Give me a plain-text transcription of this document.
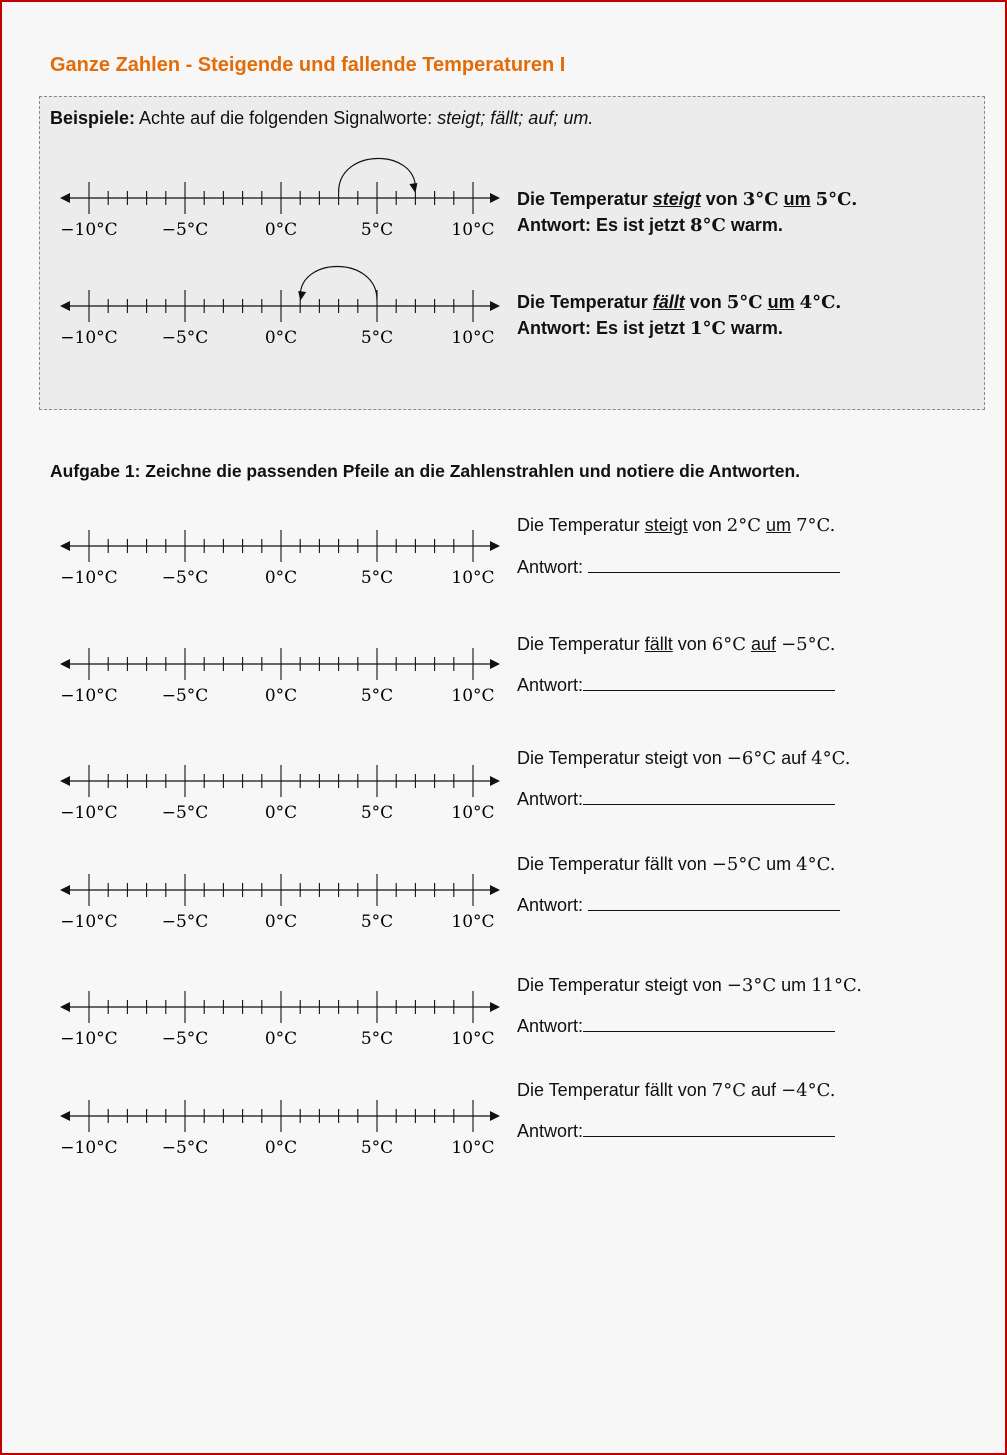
Ganze Zahlen - Steigende und fallende Temperaturen I
Beispiele: Achte auf die folgenden Signalworte: steigt; fällt; auf; um.
−10°C	−5°C	0°C	5°C	10°C
Die Temperatur steigt von 3°C um 5°C.
Antwort: Es ist jetzt 8°C warm.
−10°C	−5°C	0°C	5°C	10°C
Die Temperatur fällt von 5°C um 4°C.
Antwort: Es ist jetzt 1°C warm.
Aufgabe 1: Zeichne die passenden Pfeile an die Zahlenstrahlen und notiere die Antworten.
−10°C	−5°C	0°C	5°C	10°C
Die Temperatur steigt von 2°C um 7°C.
Antwort:
−10°C	−5°C	0°C	5°C	10°C
Die Temperatur fällt von 6°C auf −5°C.
Antwort:
−10°C	−5°C	0°C	5°C	10°C
Die Temperatur steigt von −6°C auf 4°C.
Antwort:
−10°C	−5°C	0°C	5°C	10°C
Die Temperatur fällt von −5°C um 4°C.
Antwort:
−10°C	−5°C	0°C	5°C	10°C
Die Temperatur steigt von −3°C um 11°C.
Antwort:
−10°C	−5°C	0°C	5°C	10°C
Die Temperatur fällt von 7°C auf −4°C.
Antwort:
